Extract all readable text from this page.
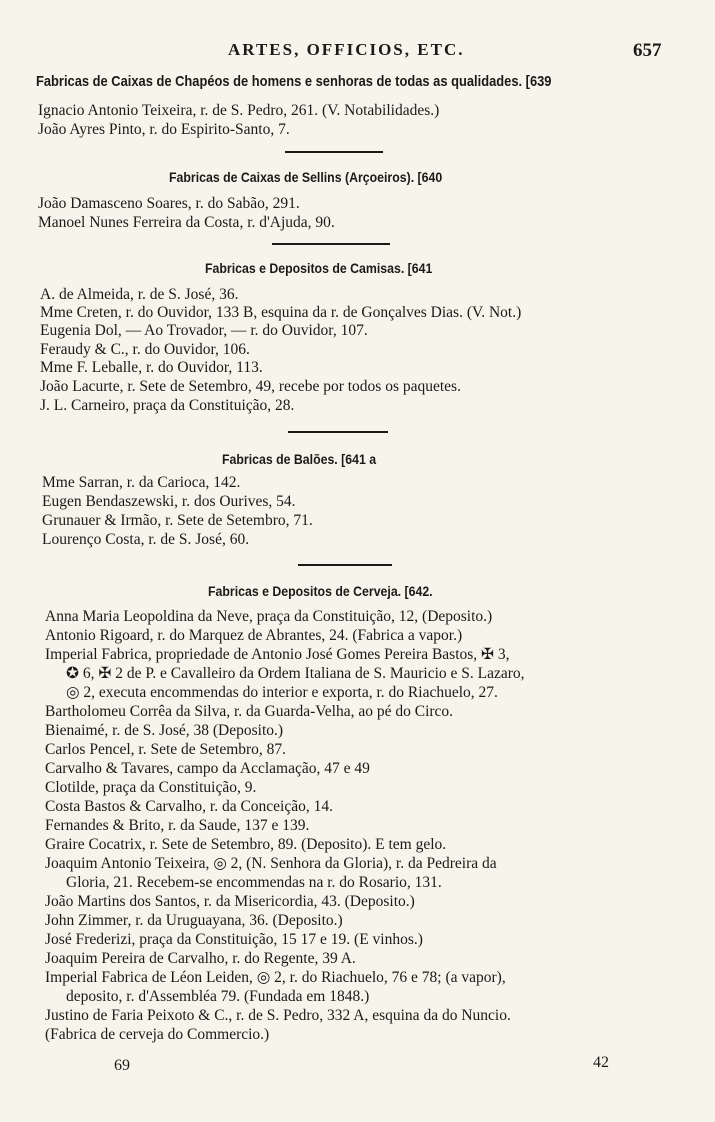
ARTES, OFFICIOS, ETC.	657
Fabricas de Caixas de Chapéos de homens e senhoras de todas as qualidades. [639
Ignacio Antonio Teixeira, r. de S. Pedro, 261. (V. Notabilidades.)
João Ayres Pinto, r. do Espirito-Santo, 7.
Fabricas de Caixas de Sellins (Arçoeiros). [640
João Damasceno Soares, r. do Sabão, 291.
Manoel Nunes Ferreira da Costa, r. d'Ajuda, 90.
Fabricas e Depositos de Camisas. [641
A. de Almeida, r. de S. José, 36.
Mme Creten, r. do Ouvidor, 133 B, esquina da r. de Gonçalves Dias. (V. Not.)
Eugenia Dol, — Ao Trovador, — r. do Ouvidor, 107.
Feraudy & C., r. do Ouvidor, 106.
Mme F. Leballe, r. do Ouvidor, 113.
João Lacurte, r. Sete de Setembro, 49, recebe por todos os paquetes.
J. L. Carneiro, praça da Constituição, 28.
Fabricas de Balões. [641 a
Mme Sarran, r. da Carioca, 142.
Eugen Bendaszewski, r. dos Ourives, 54.
Grunauer & Irmão, r. Sete de Setembro, 71.
Lourenço Costa, r. de S. José, 60.
Fabricas e Depositos de Cerveja. [642.
Anna Maria Leopoldina da Neve, praça da Constituição, 12, (Deposito.)
Antonio Rigoard, r. do Marquez de Abrantes, 24. (Fabrica a vapor.)
Imperial Fabrica, propriedade de Antonio José Gomes Pereira Bastos, ✠ 3,
✪ 6, ✠ 2 de P. e Cavalleiro da Ordem Italiana de S. Mauricio e S. Lazaro,
◎ 2, executa encommendas do interior e exporta, r. do Riachuelo, 27.
Bartholomeu Corrêa da Silva, r. da Guarda-Velha, ao pé do Circo.
Bienaimé, r. de S. José, 38 (Deposito.)
Carlos Pencel, r. Sete de Setembro, 87.
Carvalho & Tavares, campo da Acclamação, 47 e 49
Clotilde, praça da Constituição, 9.
Costa Bastos & Carvalho, r. da Conceição, 14.
Fernandes & Brito, r. da Saude, 137 e 139.
Graire Cocatrix, r. Sete de Setembro, 89. (Deposito). E tem gelo.
Joaquim Antonio Teixeira, ◎ 2, (N. Senhora da Gloria), r. da Pedreira da
Gloria, 21. Recebem-se encommendas na r. do Rosario, 131.
João Martins dos Santos, r. da Misericordia, 43. (Deposito.)
John Zimmer, r. da Uruguayana, 36. (Deposito.)
José Frederizi, praça da Constituição, 15 17 e 19. (E vinhos.)
Joaquim Pereira de Carvalho, r. do Regente, 39 A.
Imperial Fabrica de Léon Leiden, ◎ 2, r. do Riachuelo, 76 e 78; (a vapor),
deposito, r. d'Assembléa 79. (Fundada em 1848.)
Justino de Faria Peixoto & C., r. de S. Pedro, 332 A, esquina da do Nuncio.
(Fabrica de cerveja do Commercio.)
69	42
